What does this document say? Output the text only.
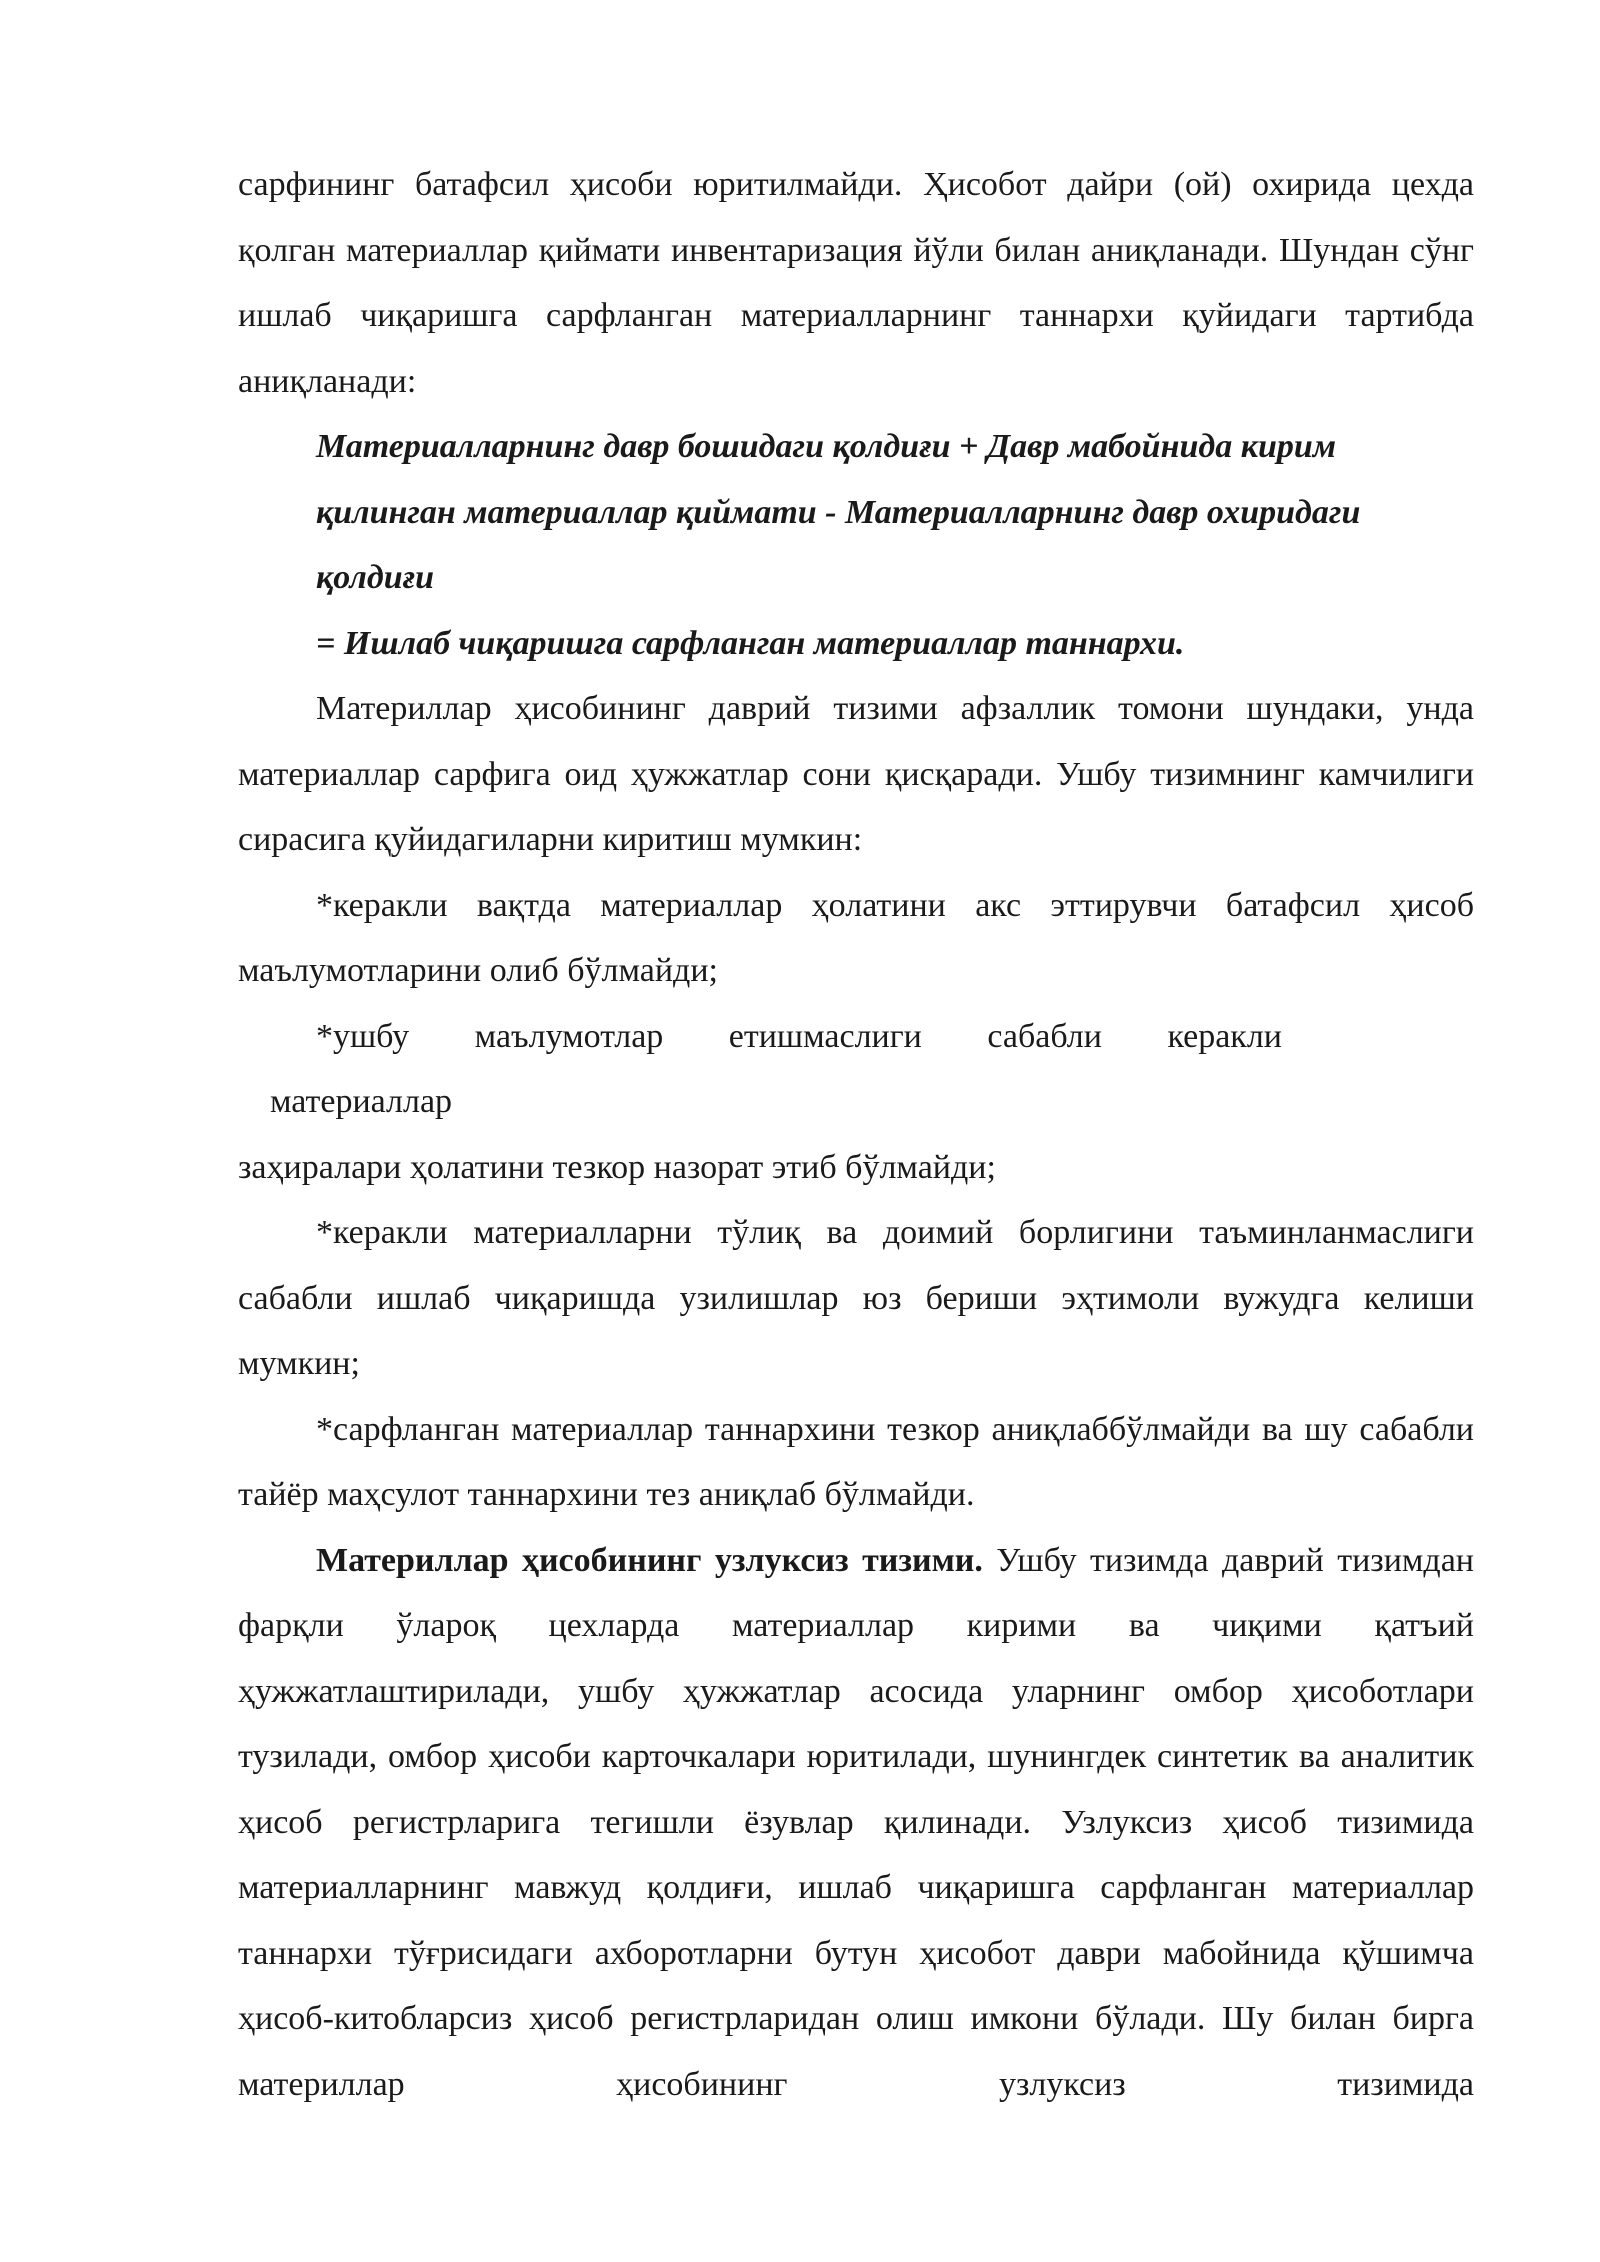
сарфининг батафсил ҳисоби юритилмайди. Ҳисобот дайри (ой) охирида цехда қолган материаллар қиймати инвентаризация йўли билан аниқланади. Шундан сўнг ишлаб чиқаришга сарфланган материалларнинг таннархи қуйидаги тартибда аниқланади:

Материалларнинг давр бошидаги қолдиғи + Давр мабойнида кирим

қилинган материаллар қиймати - Материалларнинг давр охиридаги

қолдиғи

= Ишлаб чиқаришга сарфланган материаллар таннархи.

Материллар ҳисобининг даврий тизими афзаллик томони шундаки, унда материаллар сарфига оид ҳужжатлар сони қисқаради. Ушбу тизимнинг камчилиги сирасига қуйидагиларни киритиш мумкин:

*керакли вақтда материаллар ҳолатини акс эттирувчи батафсил ҳисоб маълумотларини олиб бўлмайди;

*ушбу маълумотлар етишмаслиги сабабли керакли

материаллар

заҳиралари ҳолатини тезкор назорат этиб бўлмайди;

*керакли материалларни тўлиқ ва доимий борлигини таъминланмаслиги сабабли ишлаб чиқаришда узилишлар юз бериши эҳтимоли вужудга келиши мумкин;

*сарфланган материаллар таннархини тезкор аниқлаббўлмайди ва шу сабабли тайёр маҳсулот таннархини тез аниқлаб бўлмайди.

Материллар ҳисобининг узлуксиз тизими. Ушбу тизимда даврий тизимдан фарқли ўлароқ цехларда материаллар кирими ва чиқими қатъий ҳужжатлаштирилади, ушбу ҳужжатлар асосида уларнинг омбор ҳисоботлари тузилади, омбор ҳисоби карточкалари юритилади, шунингдек синтетик ва аналитик ҳисоб регистрларига тегишли ёзувлар қилинади. Узлуксиз ҳисоб тизимида материалларнинг мавжуд қолдиғи, ишлаб чиқаришга сарфланган материаллар таннархи тўғрисидаги ахборотларни бутун ҳисобот даври мабойнида қўшимча ҳисоб-китобларсиз ҳисоб регистрларидан олиш имкони бўлади. Шу билан бирга материллар ҳисобининг узлуксиз тизимида
